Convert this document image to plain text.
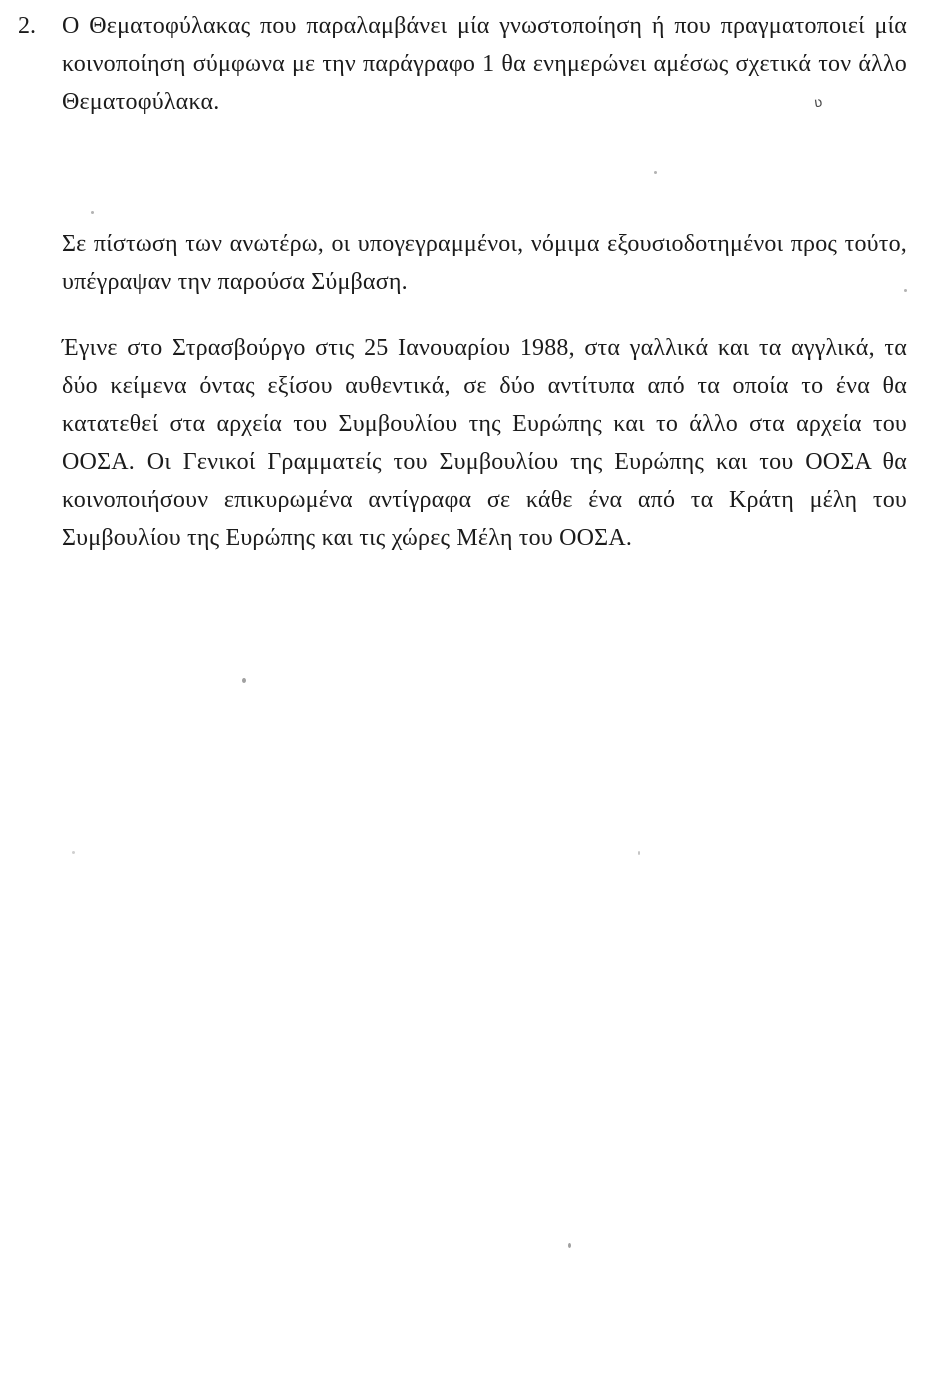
2. Ο Θεματοφύλακας που παραλαμβάνει μία γνωστοποίηση ή που πραγματοποιεί μία
κοινοποίηση σύμφωνα με την παράγραφο 1 θα ενημερώνει αμέσως σχετικά τον άλλο
Θεματοφύλακα.
Σε πίστωση των ανωτέρω, οι υπογεγραμμένοι, νόμιμα εξουσιοδοτημένοι προς τούτο,
υπέγραψαν την παρούσα Σύμβαση.
Έγινε στο Στρασβούργο στις 25 Ιανουαρίου 1988, στα γαλλικά και τα αγγλικά, τα
δύο κείμενα όντας εξίσου αυθεντικά, σε δύο αντίτυπα από τα οποία το ένα θα
κατατεθεί στα αρχεία του Συμβουλίου της Ευρώπης και το άλλο στα αρχεία του
ΟΟΣΑ. Οι Γενικοί Γραμματείς του Συμβουλίου της Ευρώπης και του ΟΟΣΑ θα
κοινοποιήσουν επικυρωμένα αντίγραφα σε κάθε ένα από τα Κράτη μέλη του
Συμβουλίου της Ευρώπης και τις χώρες Μέλη του ΟΟΣΑ.
ʋ
